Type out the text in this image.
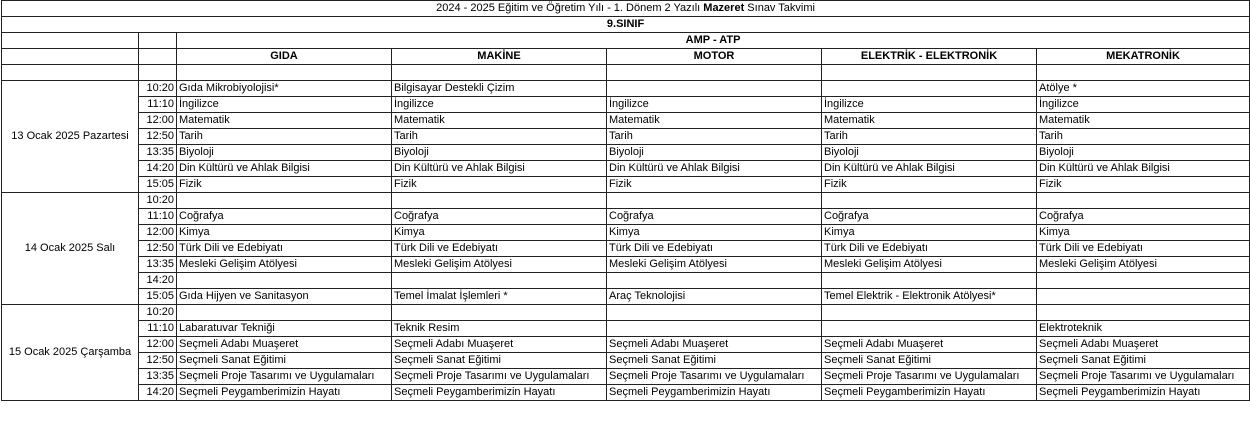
2024 - 2025 Eğitim ve Öğretim Yılı - 1. Dönem 2 Yazılı Mazeret Sınav Takvimi						
9.SINIF						
		AMP - ATP				
		GIDA	MAKİNE	MOTOR	ELEKTRİK - ELEKTRONİK	MEKATRONİK

13 Ocak 2025 Pazartesi	10:20	Gıda Mikrobiyolojisi*	Bilgisayar Destekli Çizim			Atölye *
	11:10	İngilizce	İngilizce	İngilizce	İngilizce	İngilizce
	12:00	Matematik	Matematik	Matematik	Matematik	Matematik
	12:50	Tarih	Tarih	Tarih	Tarih	Tarih
	13:35	Biyoloji	Biyoloji	Biyoloji	Biyoloji	Biyoloji
	14:20	Din Kültürü ve Ahlak Bilgisi	Din Kültürü ve Ahlak Bilgisi	Din Kültürü ve Ahlak Bilgisi	Din Kültürü ve Ahlak Bilgisi	Din Kültürü ve Ahlak Bilgisi
	15:05	Fizik	Fizik	Fizik	Fizik	Fizik
14 Ocak 2025 Salı	10:20					
	11:10	Coğrafya	Coğrafya	Coğrafya	Coğrafya	Coğrafya
	12:00	Kimya	Kimya	Kimya	Kimya	Kimya
	12:50	Türk Dili ve Edebiyatı	Türk Dili ve Edebiyatı	Türk Dili ve Edebiyatı	Türk Dili ve Edebiyatı	Türk Dili ve Edebiyatı
	13:35	Mesleki Gelişim Atölyesi	Mesleki Gelişim Atölyesi	Mesleki Gelişim Atölyesi	Mesleki Gelişim Atölyesi	Mesleki Gelişim Atölyesi
	14:20					
	15:05	Gıda Hijyen ve Sanitasyon	Temel İmalat İşlemleri *	Araç Teknolojisi	Temel Elektrik - Elektronik Atölyesi*	
15 Ocak 2025 Çarşamba	10:20					
	11:10	Labaratuvar Tekniği	Teknik Resim			Elektroteknik
	12:00	Seçmeli Adabı Muaşeret	Seçmeli Adabı Muaşeret	Seçmeli Adabı Muaşeret	Seçmeli Adabı Muaşeret	Seçmeli Adabı Muaşeret
	12:50	Seçmeli Sanat Eğitimi	Seçmeli Sanat Eğitimi	Seçmeli Sanat Eğitimi	Seçmeli Sanat Eğitimi	Seçmeli Sanat Eğitimi
	13:35	Seçmeli Proje Tasarımı ve Uygulamaları	Seçmeli Proje Tasarımı ve Uygulamaları	Seçmeli Proje Tasarımı ve Uygulamaları	Seçmeli Proje Tasarımı ve Uygulamaları	Seçmeli Proje Tasarımı ve Uygulamaları
	14:20	Seçmeli Peygamberimizin Hayatı	Seçmeli Peygamberimizin Hayatı	Seçmeli Peygamberimizin Hayatı	Seçmeli Peygamberimizin Hayatı	Seçmeli Peygamberimizin Hayatı
